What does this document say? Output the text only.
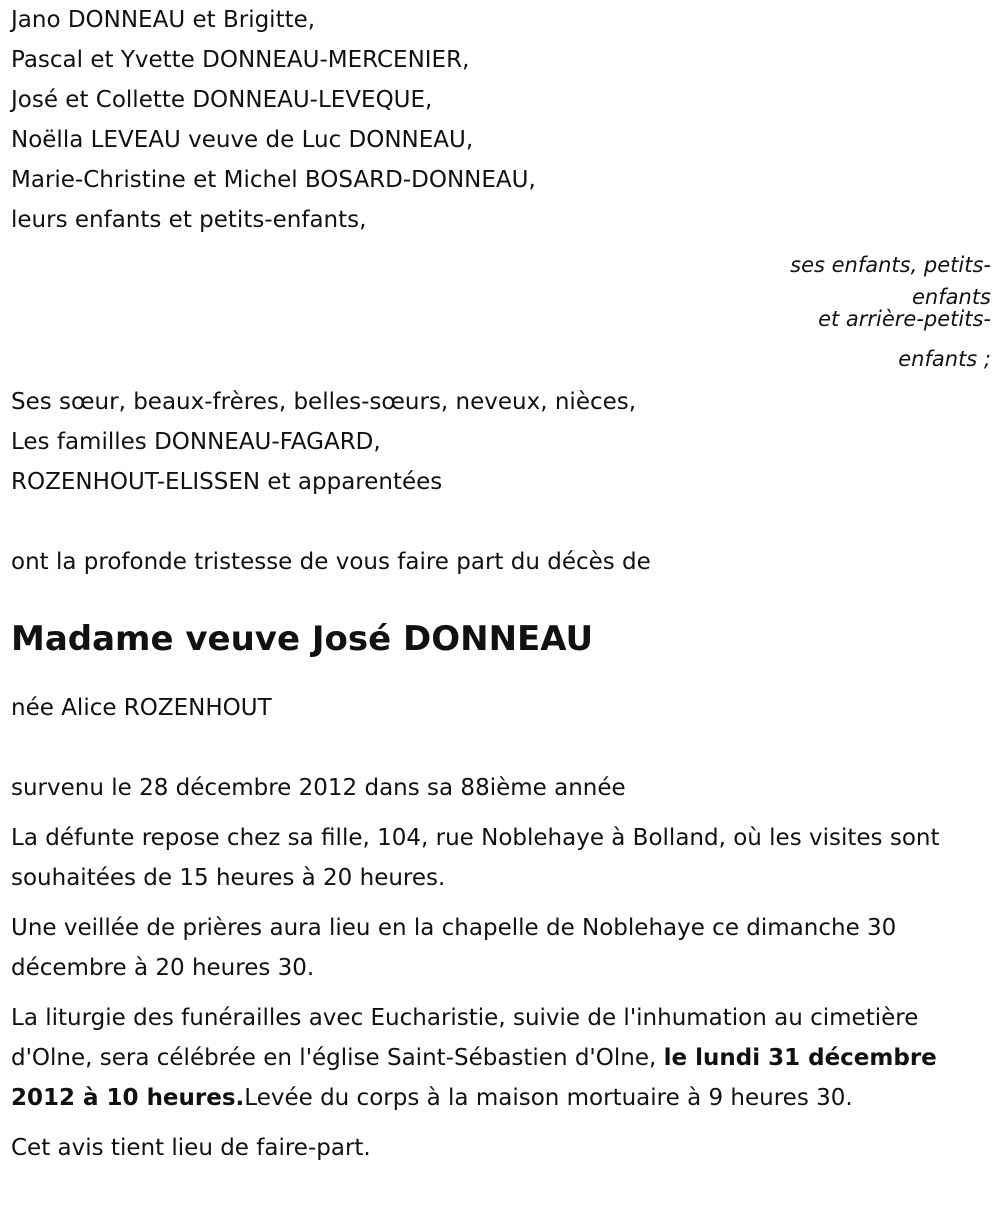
Jano DONNEAU et Brigitte,
Pascal et Yvette DONNEAU-MERCENIER,
José et Collette DONNEAU-LEVEQUE,
Noëlla LEVEAU veuve de Luc DONNEAU,
Marie-Christine et Michel BOSARD-DONNEAU,
leurs enfants et petits-enfants,
ses enfants, petits-
enfants
et arrière-petits-
enfants ;
Ses sœur, beaux-frères, belles-sœurs, neveux, nièces,
Les familles DONNEAU-FAGARD,
ROZENHOUT-ELISSEN et apparentées
ont la profonde tristesse de vous faire part du décès de
Madame veuve José DONNEAU
née Alice ROZENHOUT
survenu le 28 décembre 2012 dans sa 88ième année
La défunte repose chez sa fille, 104, rue Noblehaye à Bolland, où les visites sont souhaitées de 15 heures à 20 heures.
Une veillée de prières aura lieu en la chapelle de Noblehaye ce dimanche 30 décembre à 20 heures 30.
La liturgie des funérailles avec Eucharistie, suivie de l'inhumation au cimetière d'Olne, sera célébrée en l'église Saint-Sébastien d'Olne, le lundi 31 décembre 2012 à 10 heures.Levée du corps à la maison mortuaire à 9 heures 30.
Cet avis tient lieu de faire-part.
